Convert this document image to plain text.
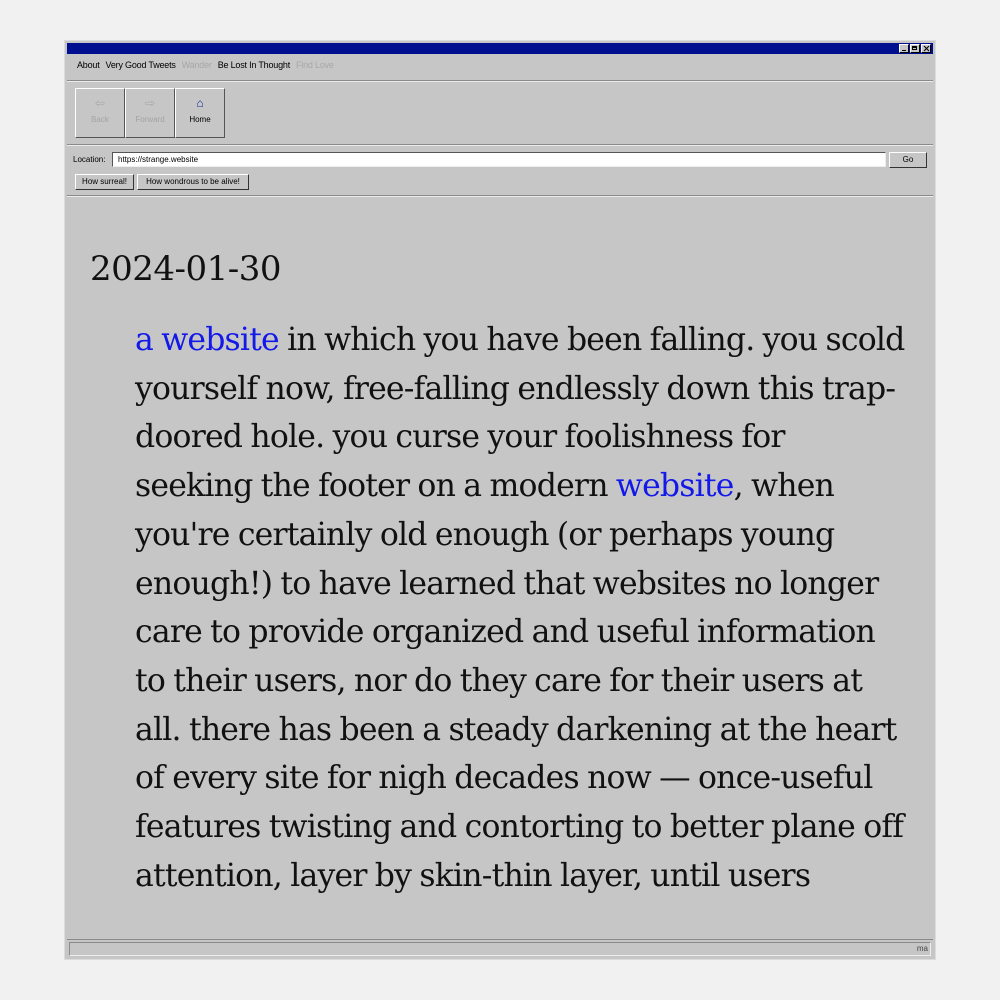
About Very Good Tweets Wander Be Lost In Thought Find Love
⇦
Back
⇨
Forward
⌂
Home
Location:
https://strange.website	Go
How surreal!	How wondrous to be alive!
2024-01-30

a website in which you have been falling. you scold yourself now, free-falling endlessly down this trap-doored hole. you curse your foolishness for seeking the footer on a modern website, when you're certainly old enough (or perhaps young enough!) to have learned that websites no longer care to provide organized and useful information to their users, nor do they care for their users at all. there has been a steady darkening at the heart of every site for nigh decades now — once-useful features twisting and contorting to better plane off attention, layer by skin-thin layer, until users

ma
